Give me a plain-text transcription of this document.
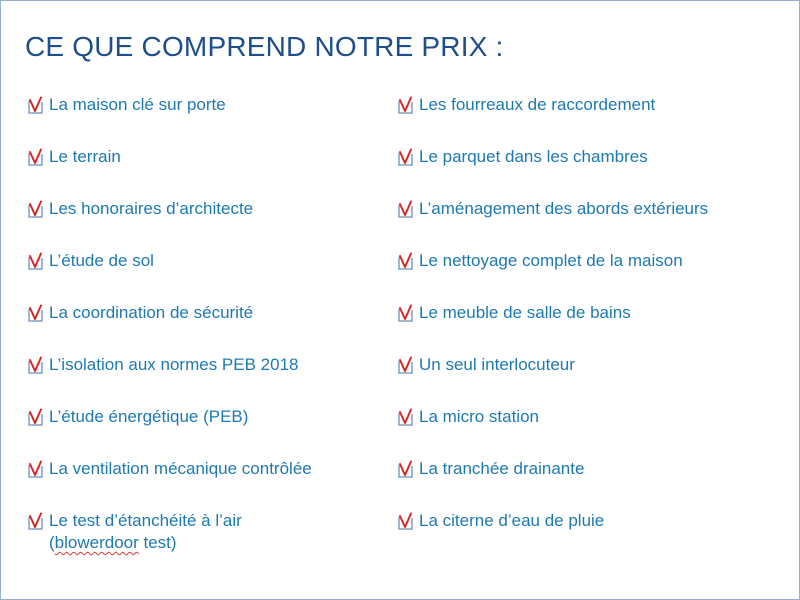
CE QUE COMPREND NOTRE PRIX :
La maison clé sur porte
Le terrain
Les honoraires d’architecte
L’étude de sol
La coordination de sécurité
L’isolation aux normes PEB 2018
L’étude énergétique (PEB)
La ventilation mécanique contrôlée
Le test d’étanchéité à l’air
(blowerdoor test)
Les fourreaux de raccordement
Le parquet dans les chambres
L’aménagement des abords extérieurs
Le nettoyage complet de la maison
Le meuble de salle de bains
Un seul interlocuteur
La micro station
La tranchée drainante
La citerne d’eau de pluie
